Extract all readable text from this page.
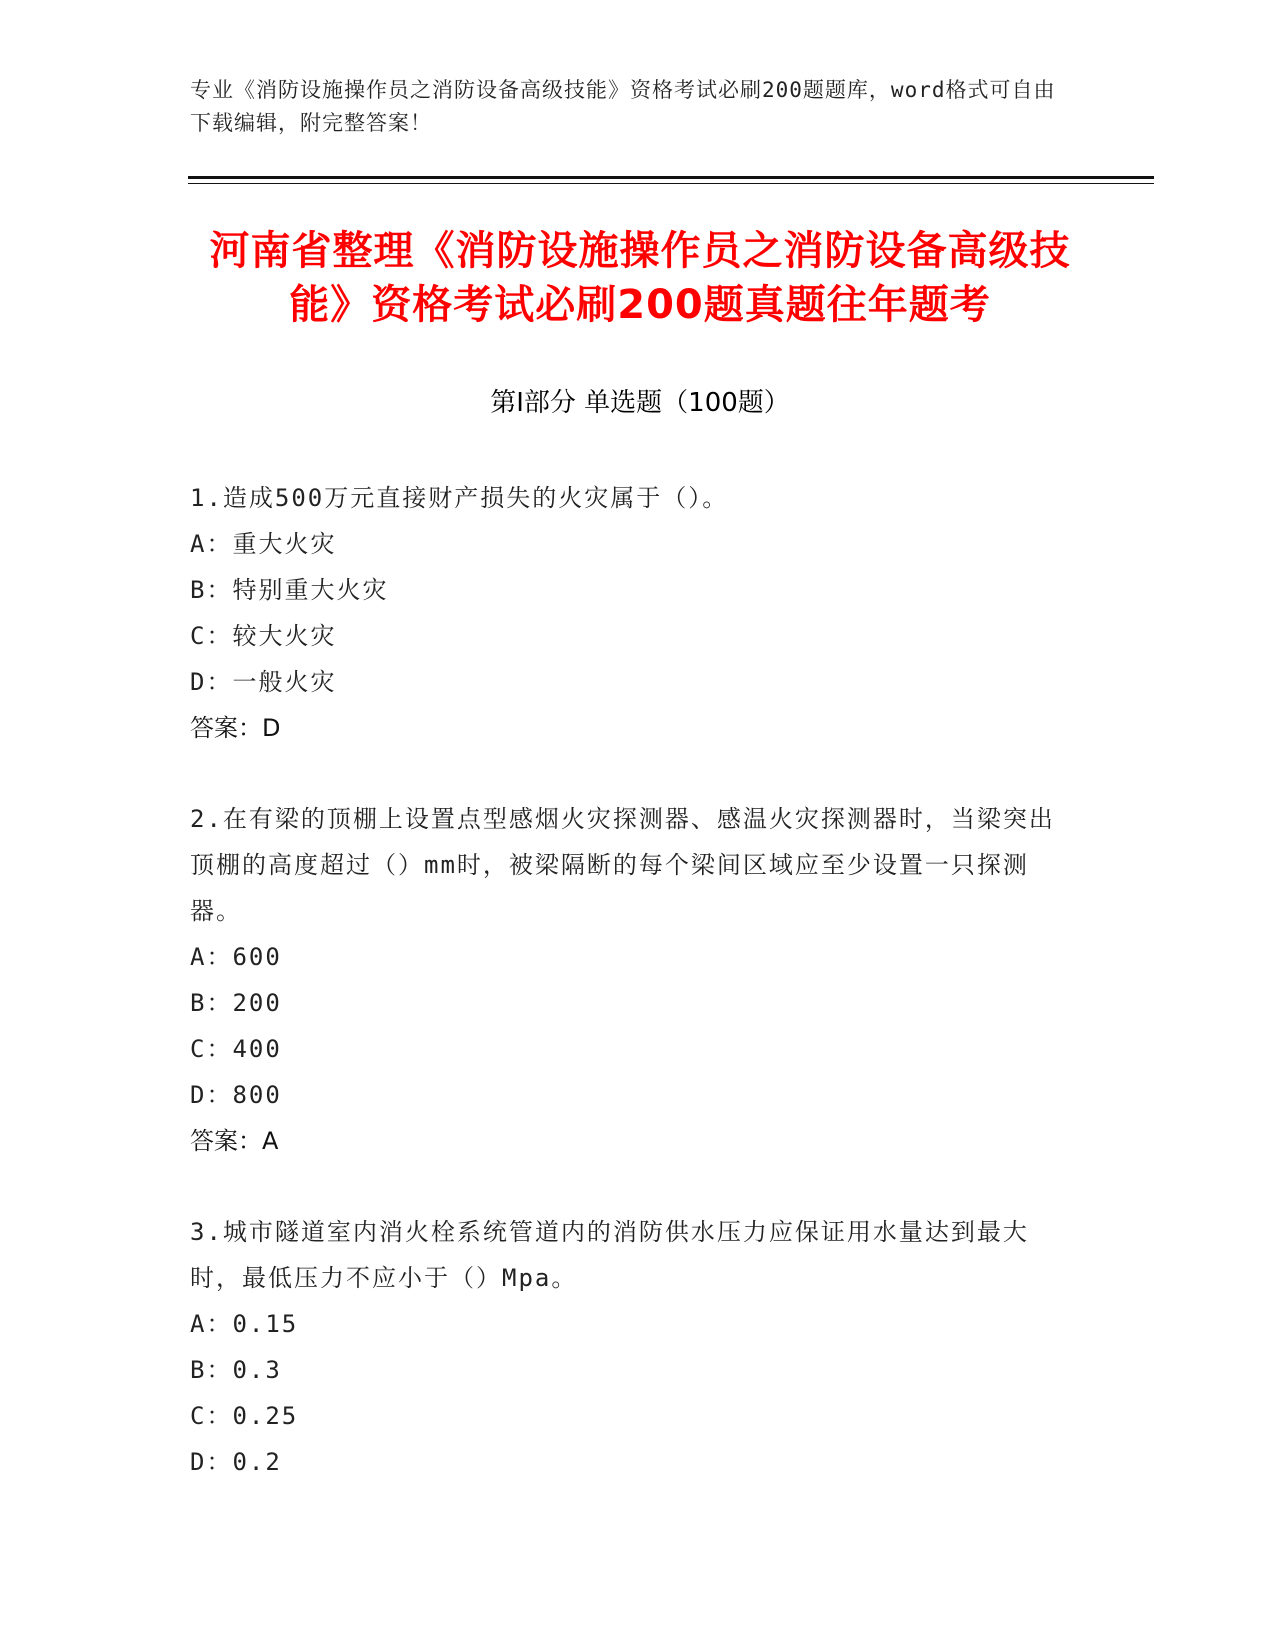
专业《消防设施操作员之消防设备高级技能》资格考试必刷200题题库，word格式可自由下载编辑，附完整答案！
河南省整理《消防设施操作员之消防设备高级技能》资格考试必刷200题真题往年题考
第Ⅰ部分 单选题（100题）
1.造成500万元直接财产损失的火灾属于（）。
A：重大火灾
B：特别重大火灾
C：较大火灾
D：一般火灾
答案：D
2.在有梁的顶棚上设置点型感烟火灾探测器、感温火灾探测器时，当梁突出顶棚的高度超过（）mm时，被梁隔断的每个梁间区域应至少设置一只探测器。
A：600
B：200
C：400
D：800
答案：A
3.城市隧道室内消火栓系统管道内的消防供水压力应保证用水量达到最大时，最低压力不应小于（）Mpa。
A：0.15
B：0.3
C：0.25
D：0.2
